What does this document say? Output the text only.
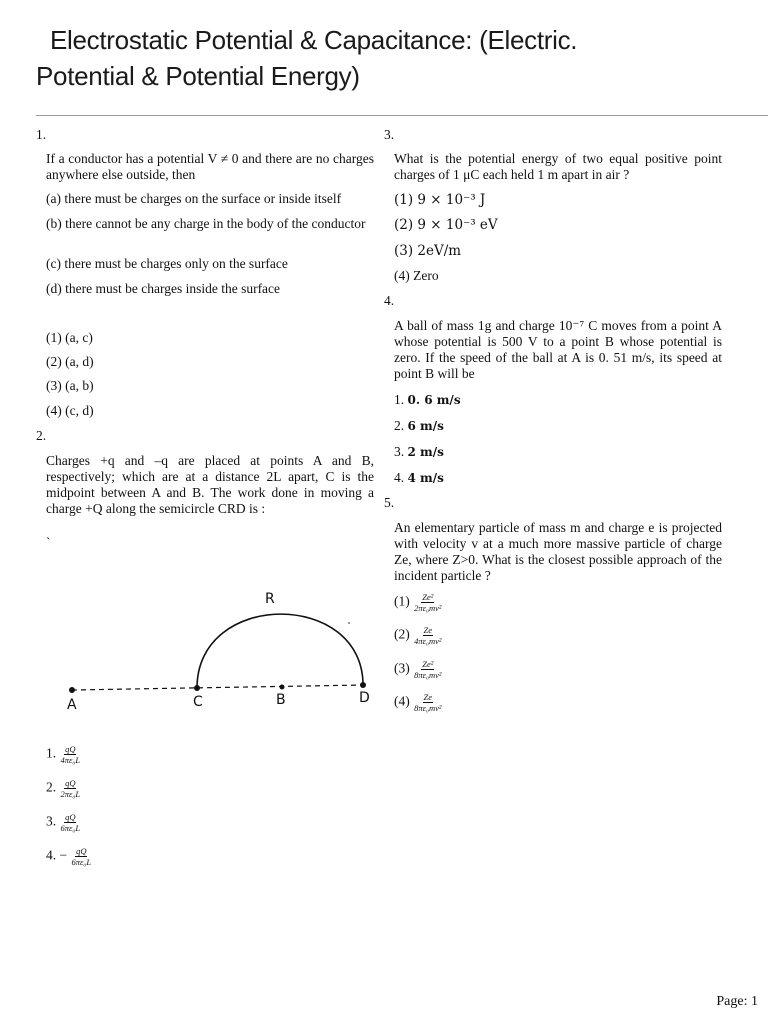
Electrostatic Potential & Capacitance: (Electric.
Potential & Potential Energy)
1.
If a conductor has a potential V ≠ 0 and there are no charges anywhere else outside, then
(a) there must be charges on the surface or inside itself
(b) there cannot be any charge in the body of the conductor
(c) there must be charges only on the surface
(d) there must be charges inside the surface
(1) (a, c)
(2) (a, d)
(3) (a, b)
(4) (c, d)
2.
Charges +q and –q are placed at points A and B, respectively; which are at a distance 2L apart, C is the midpoint between A and B. The work done in moving a charge +Q along the semicircle CRD is :
`
R
A	C	B	D
1. $\frac{qQ}{\text{4πε₀L}}$
2. $\frac{qQ}{\text{2πε₀L}}$
3. $\frac{qQ}{\text{6πε₀L}}$
4. − $\frac{qQ}{\text{6πε₀L}}$
3.
What is the potential energy of two equal positive point charges of 1 μC each held 1 m apart in air ?
(1) 9 × 10⁻³ J
(2) 9 × 10⁻³ eV
(3) 2eV/m
(4) Zero
4.
A ball of mass 1g and charge 10⁻⁷ C moves from a point A whose potential is 500 V to a point B whose potential is zero. If the speed of the ball at A is 0. 51 m/s, its speed at point B will be
1. 0. 6 m/s
2. 6 m/s
3. 2 m/s
4. 4 m/s
5.
An elementary particle of mass m and charge e is projected with velocity v at a much more massive particle of charge Ze, where Z>0. What is the closest possible approach of the incident particle ?
$(1) \frac{\text{Ze²}}{\text{2πε₀mv²}}$
$(2) \frac{Ze}{\text{4πε₀mv²}}$
$(3) \frac{\text{Ze²}}{\text{8πε₀mv²}}$
$(4) \frac{Ze}{\text{8πε₀mv²}}$
Page: 1
